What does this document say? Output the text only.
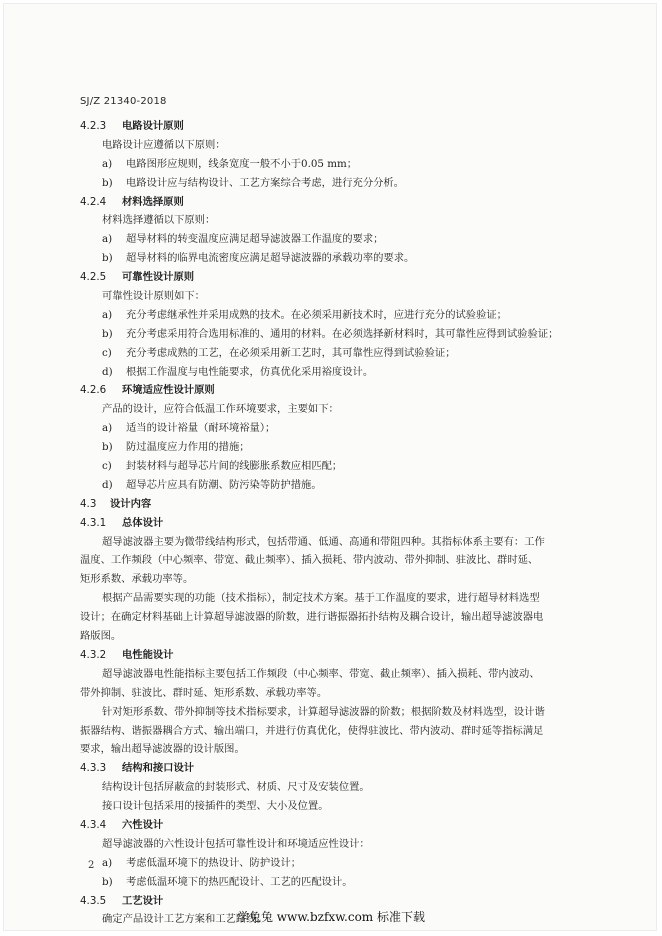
SJ/Z 21340-2018
4.2.3 电路设计原则
电路设计应遵循以下原则：
a) 电路图形应规则，线条宽度一般不小于0.05 mm；
b) 电路设计应与结构设计、工艺方案综合考虑，进行充分分析。
4.2.4 材料选择原则
材料选择遵循以下原则：
a) 超导材料的转变温度应满足超导滤波器工作温度的要求；
b) 超导材料的临界电流密度应满足超导滤波器的承载功率的要求。
4.2.5 可靠性设计原则
可靠性设计原则如下：
a) 充分考虑继承性并采用成熟的技术。在必须采用新技术时，应进行充分的试验验证；
b) 充分考虑采用符合选用标准的、通用的材料。在必须选择新材料时，其可靠性应得到试验验证；
c) 充分考虑成熟的工艺，在必须采用新工艺时，其可靠性应得到试验验证；
d) 根据工作温度与电性能要求，仿真优化采用裕度设计。
4.2.6 环境适应性设计原则
产品的设计，应符合低温工作环境要求，主要如下：
a) 适当的设计裕量（耐环境裕量）；
b) 防过温度应力作用的措施；
c) 封装材料与超导芯片间的线膨胀系数应相匹配；
d) 超导芯片应具有防潮、防污染等防护措施。
4.3 设计内容
4.3.1 总体设计
超导滤波器主要为微带线结构形式，包括带通、低通、高通和带阻四种。其指标体系主要有：工作
温度、工作频段（中心频率、带宽、截止频率）、插入损耗、带内波动、带外抑制、驻波比、群时延、
矩形系数、承载功率等。
根据产品需要实现的功能（技术指标），制定技术方案。基于工作温度的要求，进行超导材料选型
设计；在确定材料基础上计算超导滤波器的阶数，进行谐振器拓扑结构及耦合设计，输出超导滤波器电
路版图。
4.3.2 电性能设计
超导滤波器电性能指标主要包括工作频段（中心频率、带宽、截止频率）、插入损耗、带内波动、
带外抑制、驻波比、群时延、矩形系数、承载功率等。
针对矩形系数、带外抑制等技术指标要求，计算超导滤波器的阶数；根据阶数及材料选型，设计谐
振器结构、谐振器耦合方式、输出端口，并进行仿真优化，使得驻波比、带内波动、群时延等指标满足
要求，输出超导滤波器的设计版图。
4.3.3 结构和接口设计
结构设计包括屏蔽盒的封装形式、材质、尺寸及安装位置。
接口设计包括采用的接插件的类型、大小及位置。
4.3.4 六性设计
超导滤波器的六性设计包括可靠性设计和环境适应性设计：
a) 考虑低温环境下的热设计、防护设计；
b) 考虑低温环境下的热匹配设计、工艺的匹配设计。
4.3.5 工艺设计
确定产品设计工艺方案和工艺路线。
2
学兔兔 www.bzfxw.com 标准下载
